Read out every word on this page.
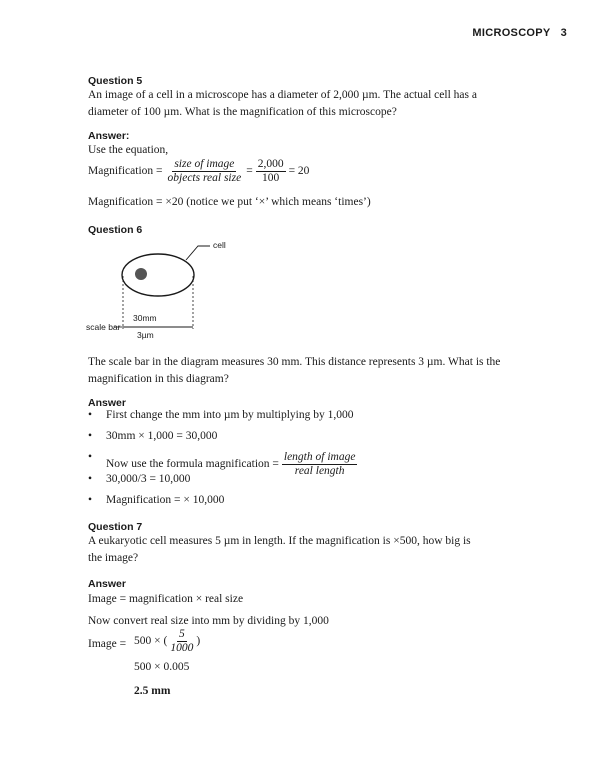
MICROSCOPY 3
Question 5
An image of a cell in a microscope has a diameter of 2,000 µm. The actual cell has a
diameter of 100 µm. What is the magnification of this microscope?
Answer:
Use the equation,
Magnification = $\frac{\text{size of image}}{\text{objects real size}} = \frac{2,000}{100} = 20$
Magnification = ×20 (notice we put ‘×’ which means ‘times’)
Question 6
cell
30mm
scale bar
3µm
The scale bar in the diagram measures 30 mm. This distance represents 3 µm. What is the
magnification in this diagram?
Answer
• First change the mm into µm by multiplying by 1,000
• 30mm × 1,000 = 30,000
• Now use the formula magnification = $\frac{\text{length of image}}{\text{real length}}$
• 30,000/3 = 10,000
• Magnification = × 10,000
Question 7
A eukaryotic cell measures 5 µm in length. If the magnification is ×500, how big is
the image?
Answer
Image = magnification × real size
Now convert real size into mm by dividing by 1,000
Image = 500 × ( $\frac{5}{1000}$ )
500 × 0.005
2.5 mm
